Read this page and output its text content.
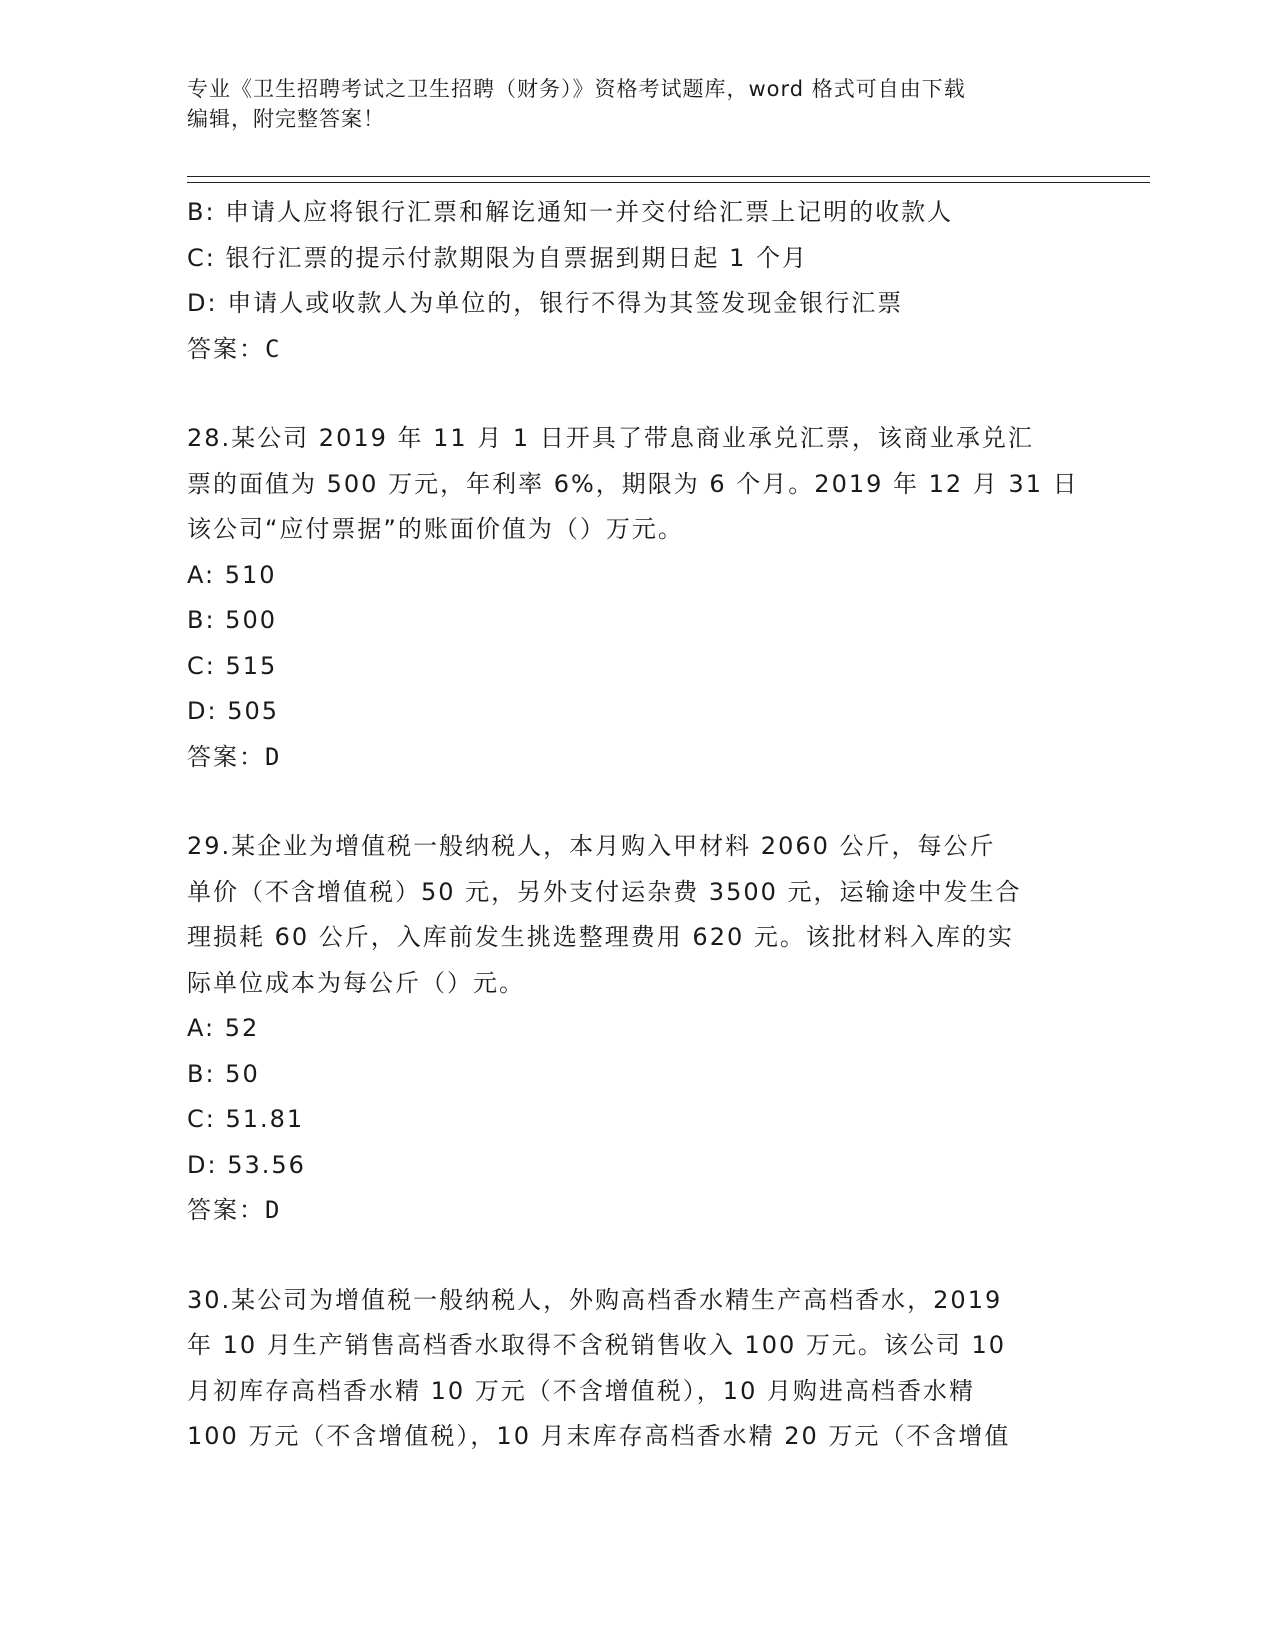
专业《卫生招聘考试之卫生招聘（财务）》资格考试题库，word 格式可自由下载
编辑，附完整答案！
B: 申请人应将银行汇票和解讫通知一并交付给汇票上记明的收款人
C: 银行汇票的提示付款期限为自票据到期日起 1 个月
D: 申请人或收款人为单位的，银行不得为其签发现金银行汇票
答案：C
28.某公司 2019 年 11 月 1 日开具了带息商业承兑汇票，该商业承兑汇
票的面值为 500 万元，年利率 6%，期限为 6 个月。2019 年 12 月 31 日
该公司“应付票据”的账面价值为（）万元。
A: 510
B: 500
C: 515
D: 505
答案：D
29.某企业为增值税一般纳税人，本月购入甲材料 2060 公斤，每公斤
单价（不含增值税）50 元，另外支付运杂费 3500 元，运输途中发生合
理损耗 60 公斤，入库前发生挑选整理费用 620 元。该批材料入库的实
际单位成本为每公斤（）元。
A: 52
B: 50
C: 51.81
D: 53.56
答案：D
30.某公司为增值税一般纳税人，外购高档香水精生产高档香水，2019
年 10 月生产销售高档香水取得不含税销售收入 100 万元。该公司 10
月初库存高档香水精 10 万元（不含增值税），10 月购进高档香水精
100 万元（不含增值税），10 月末库存高档香水精 20 万元（不含增值
